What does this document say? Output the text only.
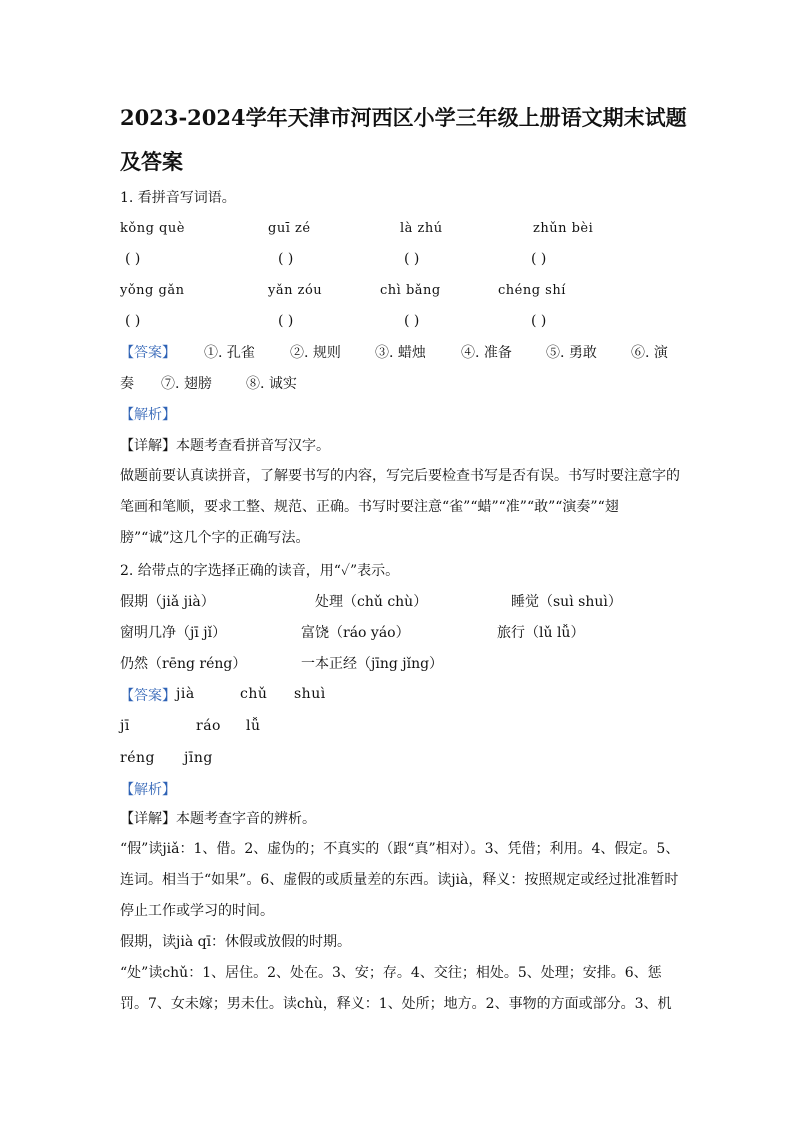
2023-2024学年天津市河西区小学三年级上册语文期末试题
及答案
1. 看拼音写词语。
kǒng què	guī zé	là zhú	zhǔn bèi
( )	( )	( )	( )
yǒng gǎn	yǎn zóu	chì bǎng	chéng shí
( )	( )	( )	( )
【答案】 ①. 孔雀	②. 规则 ③. 蜡烛	④. 准备 ⑤. 勇敢 ⑥. 演
奏 ⑦. 翅膀 ⑧. 诚实
【解析】
【详解】本题考查看拼音写汉字。
做题前要认真读拼音，了解要书写的内容，写完后要检查书写是否有误。书写时要注意字的笔画和笔顺，要求工整、规范、正确。书写时要注意“雀”“蜡”“准”“敢”“演奏”“翅膀”“诚”这几个字的正确写法。
2. 给带点的字选择正确的读音，用“✓”表示。
假期（jiǎ jià）	处理（chǔ chù）	睡觉（suì shuì）
窗明几净（jī jǐ）	富饶（ráo yáo）	旅行（lǔ lǚ）
仍然（rēng réng）	一本正经（jīng jǐng）
【答案】 jià	chǔ shuì
jī	ráo lǚ
réng jīng
【解析】
【详解】本题考查字音的辨析。
“假”读jiǎ：1、借。2、虚伪的；不真实的（跟“真”相对）。3、凭借；利用。4、假定。5、连词。相当于“如果”。6、虚假的或质量差的东西。读jià，释义：按照规定或经过批准暂时停止工作或学习的时间。
假期，读jià qī：休假或放假的时期。
“处”读chǔ：1、居住。2、处在。3、安；存。4、交往；相处。5、处理；安排。6、惩罚。7、女未嫁；男未仕。读chù，释义：1、处所；地方。2、事物的方面或部分。3、机
